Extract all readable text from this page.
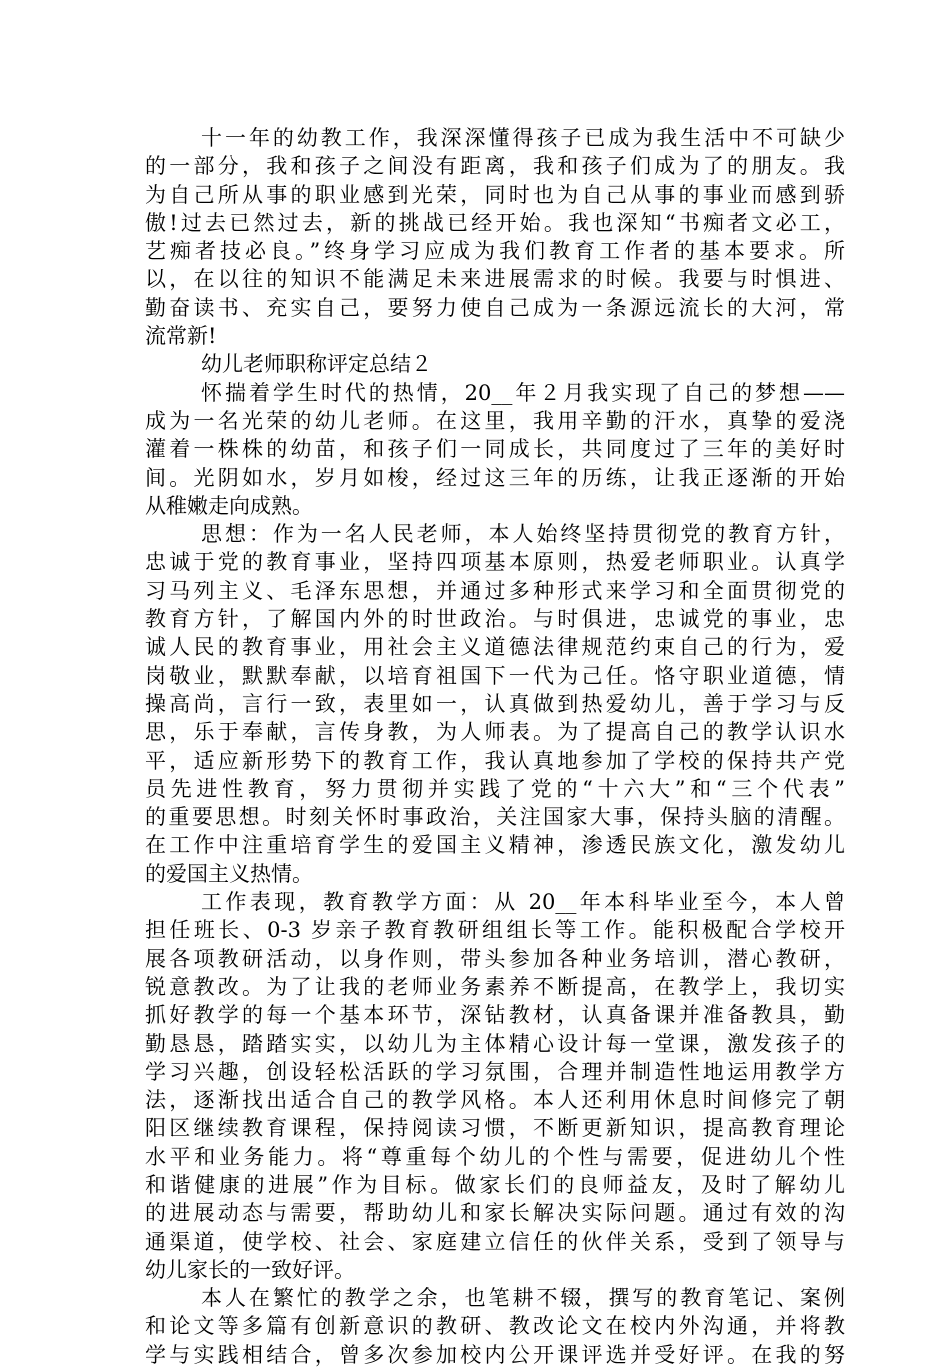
十一年的幼教工作，我深深懂得孩子已成为我生活中不可缺少
的一部分，我和孩子之间没有距离，我和孩子们成为了的朋友。我
为自己所从事的职业感到光荣，同时也为自己从事的事业而感到骄
傲!过去已然过去，新的挑战已经开始。我也深知“书痴者文必工，
艺痴者技必良。”终身学习应成为我们教育工作者的基本要求。所
以，在以往的知识不能满足未来进展需求的时候。我要与时惧进、
勤奋读书、充实自己，要努力使自己成为一条源远流长的大河，常
流常新!
幼儿老师职称评定总结２
怀揣着学生时代的热情，20__年２月我实现了自己的梦想——
成为一名光荣的幼儿老师。在这里，我用辛勤的汗水，真挚的爱浇
灌着一株株的幼苗，和孩子们一同成长，共同度过了三年的美好时
间。光阴如水，岁月如梭，经过这三年的历练，让我正逐渐的开始
从稚嫩走向成熟。
思想：作为一名人民老师，本人始终坚持贯彻党的教育方针，
忠诚于党的教育事业，坚持四项基本原则，热爱老师职业。认真学
习马列主义、毛泽东思想，并通过多种形式来学习和全面贯彻党的
教育方针，了解国内外的时世政治。与时俱进，忠诚党的事业，忠
诚人民的教育事业，用社会主义道德法律规范约束自己的行为，爱
岗敬业，默默奉献，以培育祖国下一代为己任。恪守职业道德，情
操高尚，言行一致，表里如一，认真做到热爱幼儿，善于学习与反
思，乐于奉献，言传身教，为人师表。为了提高自己的教学认识水
平，适应新形势下的教育工作，我认真地参加了学校的保持共产党
员先进性教育，努力贯彻并实践了党的“十六大”和“三个代表”
的重要思想。时刻关怀时事政治，关注国家大事，保持头脑的清醒。
在工作中注重培育学生的爱国主义精神，渗透民族文化，激发幼儿
的爱国主义热情。
工作表现，教育教学方面：从 20__年本科毕业至今，本人曾
担任班长、0-3 岁亲子教育教研组组长等工作。能积极配合学校开
展各项教研活动，以身作则，带头参加各种业务培训，潜心教研，
锐意教改。为了让我的老师业务素养不断提高，在教学上，我切实
抓好教学的每一个基本环节，深钻教材，认真备课并准备教具，勤
勤恳恳，踏踏实实，以幼儿为主体精心设计每一堂课，激发孩子的
学习兴趣，创设轻松活跃的学习氛围，合理并制造性地运用教学方
法，逐渐找出适合自己的教学风格。本人还利用休息时间修完了朝
阳区继续教育课程，保持阅读习惯，不断更新知识，提高教育理论
水平和业务能力。将“尊重每个幼儿的个性与需要，促进幼儿个性
和谐健康的进展”作为目标。做家长们的良师益友，及时了解幼儿
的进展动态与需要，帮助幼儿和家长解决实际问题。通过有效的沟
通渠道，使学校、社会、家庭建立信任的伙伴关系，受到了领导与
幼儿家长的一致好评。
本人在繁忙的教学之余，也笔耕不辍，撰写的教育笔记、案例
和论文等多篇有创新意识的教研、教改论文在校内外沟通，并将教
学与实践相结合，曾多次参加校内公开课评选并受好评。在我的努
